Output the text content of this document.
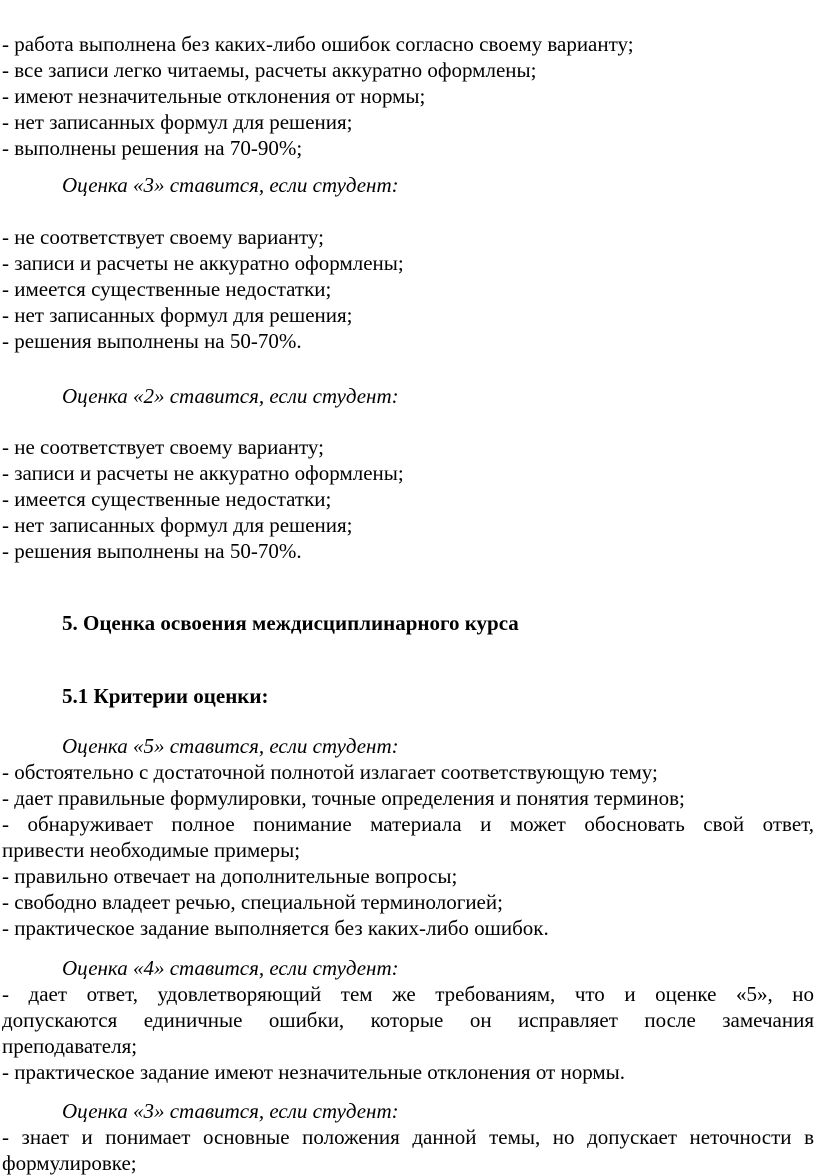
- работа выполнена без каких-либо ошибок согласно своему варианту;
- все записи легко читаемы, расчеты аккуратно оформлены;
- имеют незначительные отклонения от нормы;
- нет записанных формул для решения;
- выполнены решения на 70-90%;
Оценка «3» ставится, если студент:
- не соответствует своему варианту;
- записи и расчеты не аккуратно оформлены;
- имеется существенные недостатки;
- нет записанных формул для решения;
- решения выполнены на 50-70%.
Оценка «2» ставится, если студент:
- не соответствует своему варианту;
- записи и расчеты не аккуратно оформлены;
- имеется существенные недостатки;
- нет записанных формул для решения;
- решения выполнены на 50-70%.
5. Оценка освоения междисциплинарного курса
5.1 Критерии оценки:
Оценка «5» ставится, если студент:
- обстоятельно с достаточной полнотой излагает соответствующую тему;
- дает правильные формулировки, точные определения и понятия терминов;
- обнаруживает полное понимание материала и может обосновать свой ответ,
привести необходимые примеры;
- правильно отвечает на дополнительные вопросы;
- свободно владеет речью, специальной терминологией;
- практическое задание выполняется без каких-либо ошибок.
Оценка «4» ставится, если студент:
- дает ответ, удовлетворяющий тем же требованиям, что и оценке «5», но
допускаются единичные ошибки, которые он исправляет после замечания
преподавателя;
- практическое задание имеют незначительные отклонения от нормы.
Оценка «3» ставится, если студент:
- знает и понимает основные положения данной темы, но допускает неточности в
формулировке;
